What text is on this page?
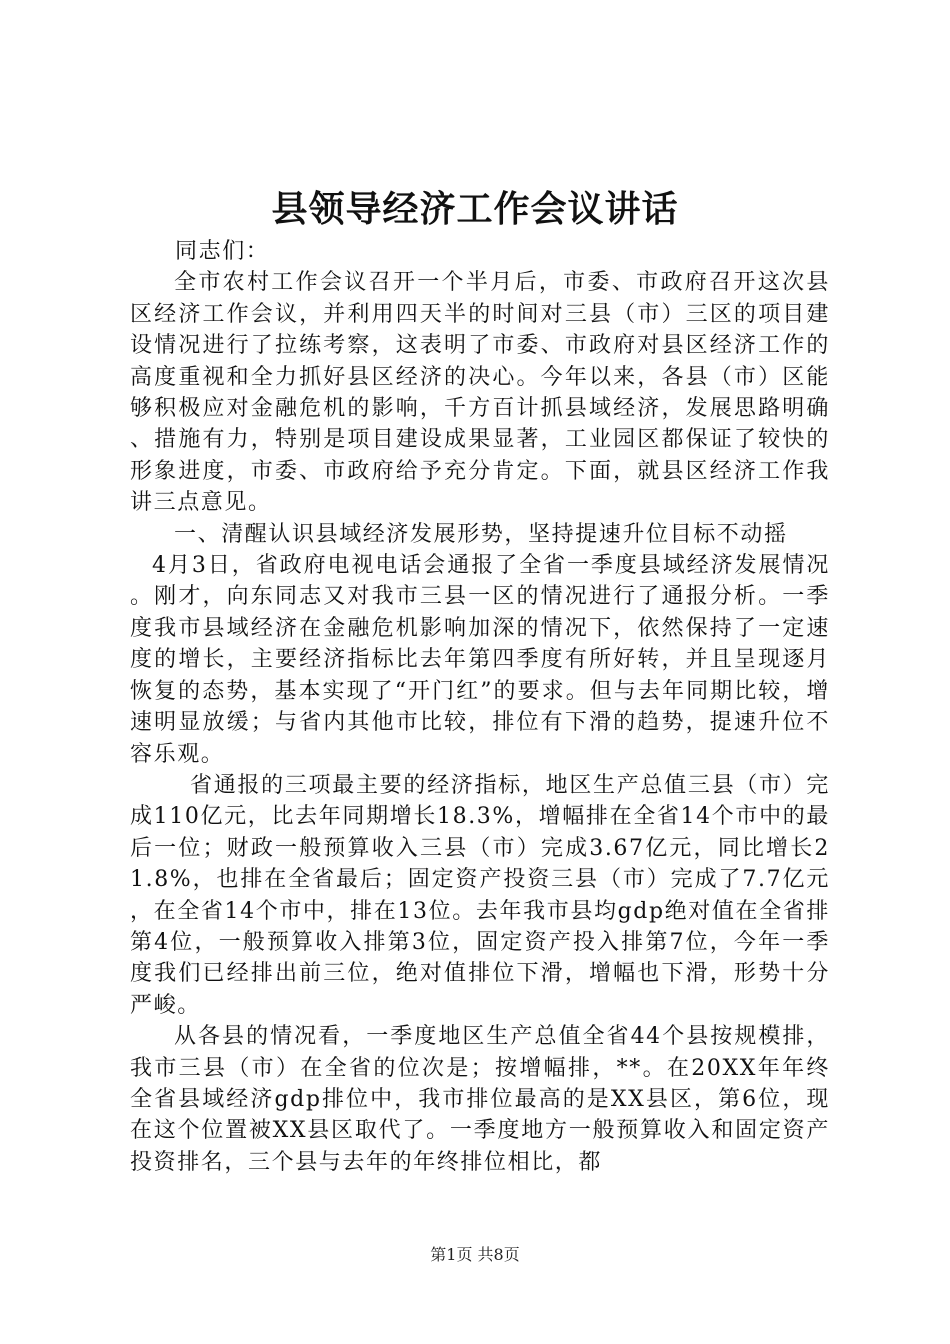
县领导经济工作会议讲话

同志们：

全市农村工作会议召开一个半月后，市委、市政府召开这次县区经济工作会议，并利用四天半的时间对三县（市）三区的项目建设情况进行了拉练考察，这表明了市委、市政府对县区经济工作的高度重视和全力抓好县区经济的决心。今年以来，各县（市）区能够积极应对金融危机的影响，千方百计抓县域经济，发展思路明确、措施有力，特别是项目建设成果显著，工业园区都保证了较快的形象进度，市委、市政府给予充分肯定。下面，就县区经济工作我讲三点意见。

一、清醒认识县域经济发展形势，坚持提速升位目标不动摇

4月3日，省政府电视电话会通报了全省一季度县域经济发展情况。刚才，向东同志又对我市三县一区的情况进行了通报分析。一季度我市县域经济在金融危机影响加深的情况下，依然保持了一定速度的增长，主要经济指标比去年第四季度有所好转，并且呈现逐月恢复的态势，基本实现了“开门红”的要求。但与去年同期比较，增速明显放缓；与省内其他市比较，排位有下滑的趋势，提速升位不容乐观。

省通报的三项最主要的经济指标，地区生产总值三县（市）完成110亿元，比去年同期增长18.3%，增幅排在全省14个市中的最后一位；财政一般预算收入三县（市）完成3.67亿元，同比增长21.8%，也排在全省最后；固定资产投资三县（市）完成了7.7亿元，在全省14个市中，排在13位。去年我市县均gdp绝对值在全省排第4位，一般预算收入排第3位，固定资产投入排第7位，今年一季度我们已经排出前三位，绝对值排位下滑，增幅也下滑，形势十分严峻。

从各县的情况看，一季度地区生产总值全省44个县按规模排，我市三县（市）在全省的位次是；按增幅排，**。在20XX年年终全省县域经济gdp排位中，我市排位最高的是XX县区，第6位，现在这个位置被XX县区取代了。一季度地方一般预算收入和固定资产投资排名，三个县与去年的年终排位相比，都

第1页 共8页
